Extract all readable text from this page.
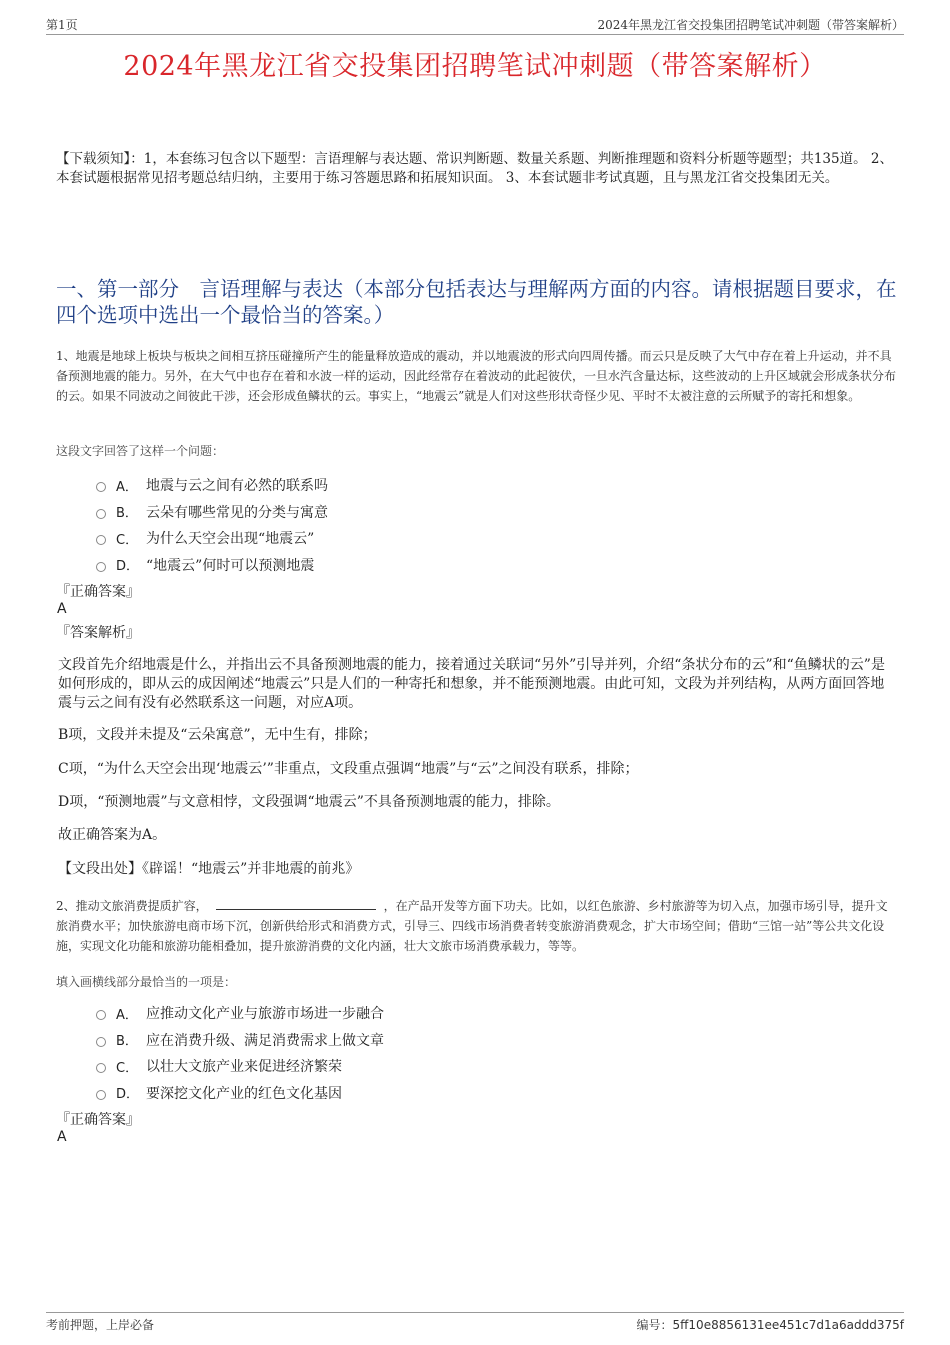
第1页	2024年黑龙江省交投集团招聘笔试冲刺题（带答案解析）
2024年黑龙江省交投集团招聘笔试冲刺题（带答案解析）
【下载须知】：1，本套练习包含以下题型：言语理解与表达题、常识判断题、数量关系题、判断推理题和资料分析题等题型；共135道。 2、本套试题根据常见招考题总结归纳，主要用于练习答题思路和拓展知识面。 3、本套试题非考试真题，且与黑龙江省交投集团无关。
一、第一部分　言语理解与表达（本部分包括表达与理解两方面的内容。请根据题目要求，在四个选项中选出一个最恰当的答案。）
1、地震是地球上板块与板块之间相互挤压碰撞所产生的能量释放造成的震动，并以地震波的形式向四周传播。而云只是反映了大气中存在着上升运动，并不具备预测地震的能力。另外，在大气中也存在着和水波一样的运动，因此经常存在着波动的此起彼伏，一旦水汽含量达标，这些波动的上升区域就会形成条状分布的云。如果不同波动之间彼此干涉，还会形成鱼鳞状的云。事实上，“地震云”就是人们对这些形状奇怪少见、平时不太被注意的云所赋予的寄托和想象。
这段文字回答了这样一个问题：
A． 地震与云之间有必然的联系吗
B． 云朵有哪些常见的分类与寓意
C． 为什么天空会出现“地震云”
D． “地震云”何时可以预测地震
『正确答案』
A
『答案解析』
文段首先介绍地震是什么，并指出云不具备预测地震的能力，接着通过关联词“另外”引导并列，介绍“条状分布的云”和“鱼鳞状的云”是如何形成的，即从云的成因阐述“地震云”只是人们的一种寄托和想象，并不能预测地震。由此可知，文段为并列结构，从两方面回答地震与云之间有没有必然联系这一问题，对应A项。
B项，文段并未提及“云朵寓意”，无中生有，排除；
C项，“为什么天空会出现‘地震云’”非重点，文段重点强调“地震”与“云”之间没有联系，排除；
D项，“预测地震”与文意相悖，文段强调“地震云”不具备预测地震的能力，排除。
故正确答案为A。
【文段出处】《辟谣！“地震云”并非地震的前兆》
2、推动文旅消费提质扩容，	，在产品开发等方面下功夫。比如，以红色旅游、乡村旅游等为切入点，加强市场引导，提升文旅消费水平；加快旅游电商市场下沉，创新供给形式和消费方式，引导三、四线市场消费者转变旅游消费观念，扩大市场空间；借助“三馆一站”等公共文化设施，实现文化功能和旅游功能相叠加，提升旅游消费的文化内涵，壮大文旅市场消费承载力，等等。
填入画横线部分最恰当的一项是：
A． 应推动文化产业与旅游市场进一步融合
B． 应在消费升级、满足消费需求上做文章
C． 以壮大文旅产业来促进经济繁荣
D． 要深挖文化产业的红色文化基因
『正确答案』
A
考前押题，上岸必备	编号：5ff10e8856131ee451c7d1a6addd375f
